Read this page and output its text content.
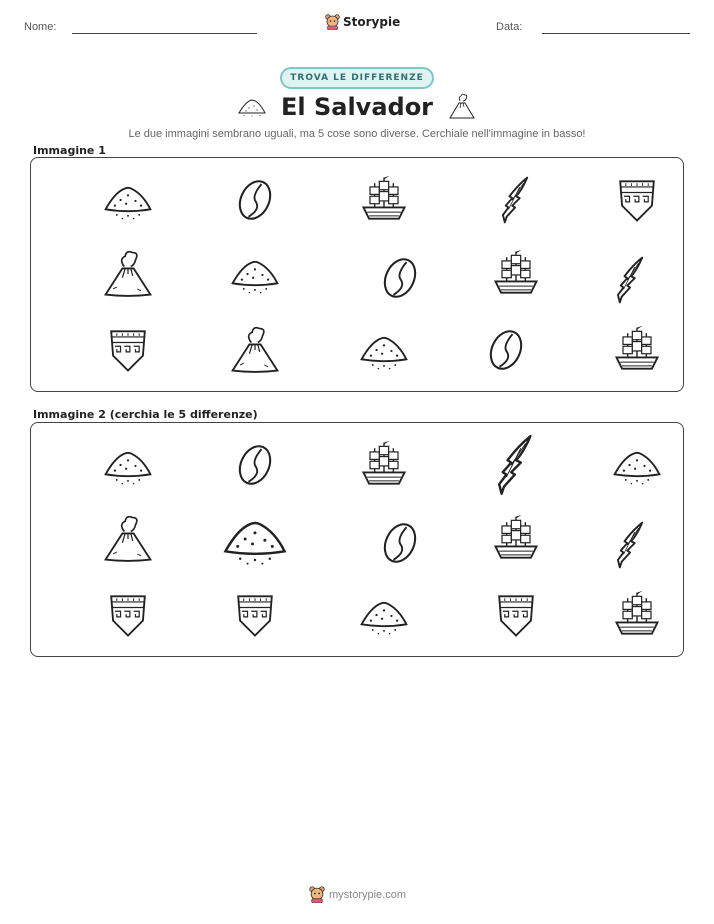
Nome:	Storypie	Data:
TROVA LE DIFFERENZE
El Salvador
Le due immagini sembrano uguali, ma 5 cose sono diverse. Cerchiale nell'immagine in basso!
Immagine 1
Immagine 2 (cerchia le 5 differenze)
mystorypie.com
